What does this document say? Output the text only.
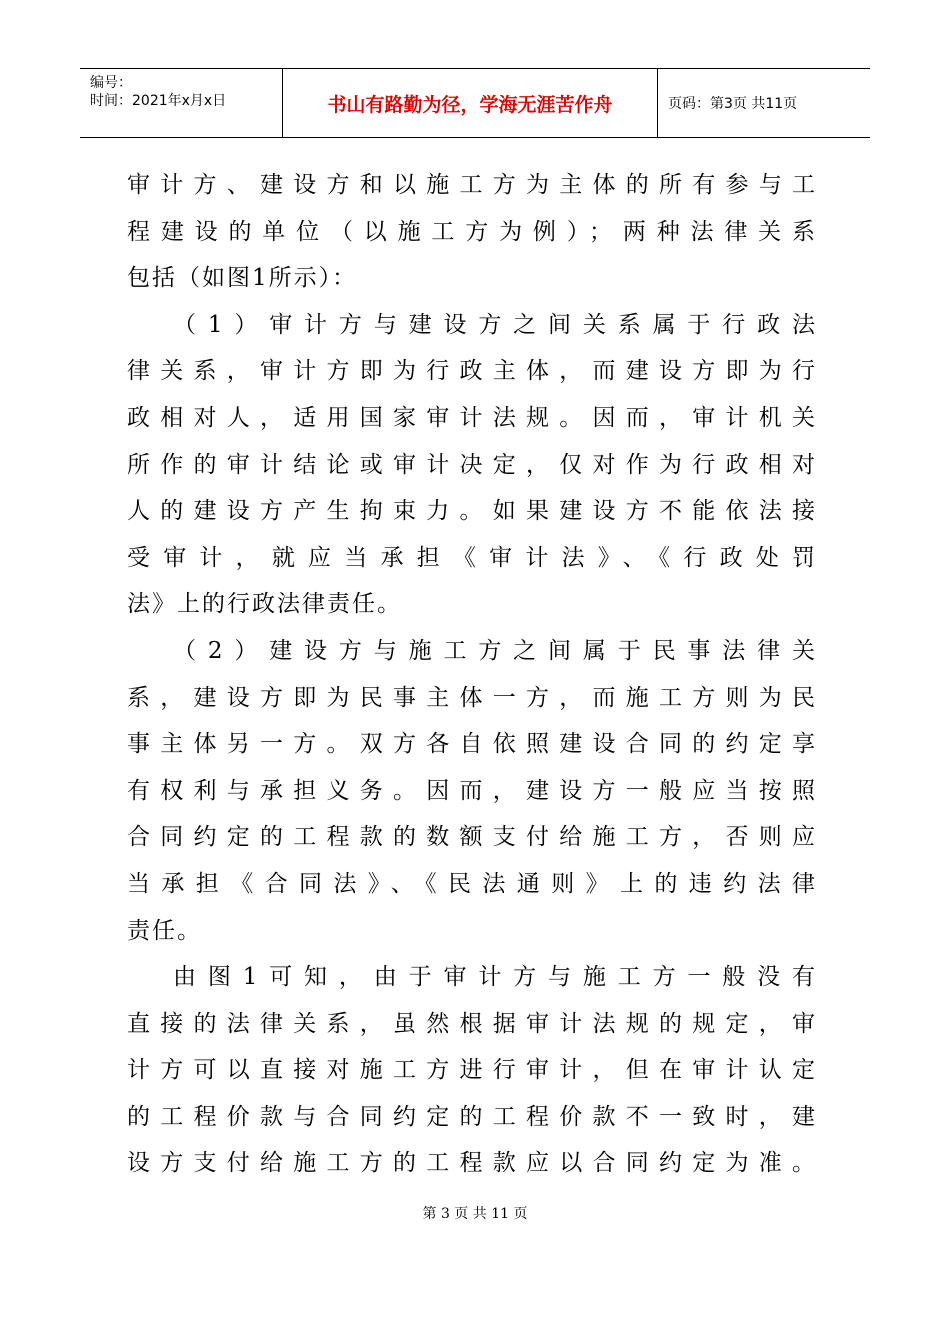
编号：
时间：2021年x月x日	书山有路勤为径，学海无涯苦作舟	页码：第3页 共11页
审计方、建设方和以施工方为主体的所有参与工
程建设的单位（以施工方为例）；两种法律关系
包括（如图1所示）：
（1）审计方与建设方之间关系属于行政法
律关系，审计方即为行政主体，而建设方即为行
政相对人，适用国家审计法规。因而，审计机关
所作的审计结论或审计决定，仅对作为行政相对
人的建设方产生拘束力。如果建设方不能依法接
受审计，就应当承担《审计法》、《行政处罚
法》上的行政法律责任。
（2）建设方与施工方之间属于民事法律关
系，建设方即为民事主体一方，而施工方则为民
事主体另一方。双方各自依照建设合同的约定享
有权利与承担义务。因而，建设方一般应当按照
合同约定的工程款的数额支付给施工方，否则应
当承担《合同法》、《民法通则》上的违约法律
责任。
由图1可知，由于审计方与施工方一般没有
直接的法律关系，虽然根据审计法规的规定，审
计方可以直接对施工方进行审计，但在审计认定
的工程价款与合同约定的工程价款不一致时，建
设方支付给施工方的工程款应以合同约定为准。
第 3 页 共 11 页
